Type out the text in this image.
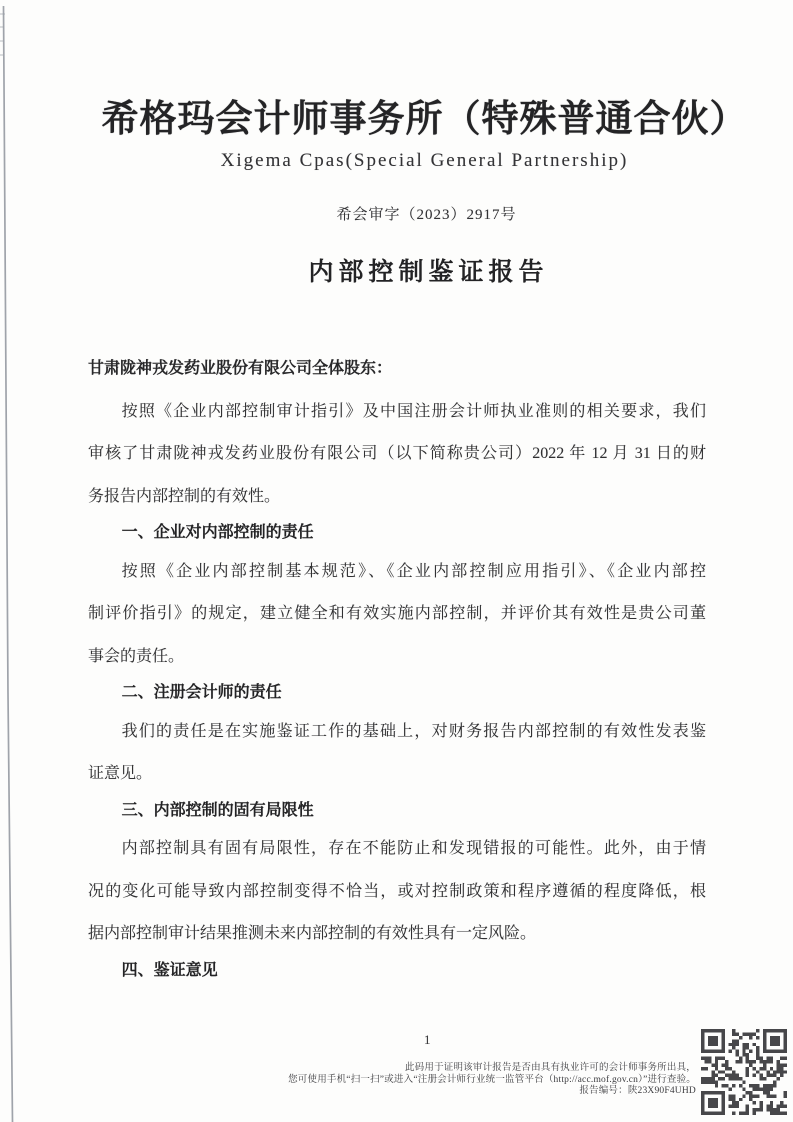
希格玛会计师事务所（特殊普通合伙）
Xigema Cpas(Special General Partnership)
希会审字（2023）2917号
内部控制鉴证报告
甘肃陇神戎发药业股份有限公司全体股东：
按照《企业内部控制审计指引》及中国注册会计师执业准则的相关要求，我们
审核了甘肃陇神戎发药业股份有限公司（以下简称贵公司）2022 年 12 月 31 日的财
务报告内部控制的有效性。
一、企业对内部控制的责任
按照《企业内部控制基本规范》、《企业内部控制应用指引》、《企业内部控
制评价指引》的规定，建立健全和有效实施内部控制，并评价其有效性是贵公司董
事会的责任。
二、注册会计师的责任
我们的责任是在实施鉴证工作的基础上，对财务报告内部控制的有效性发表鉴
证意见。
三、内部控制的固有局限性
内部控制具有固有局限性，存在不能防止和发现错报的可能性。此外，由于情
况的变化可能导致内部控制变得不恰当，或对控制政策和程序遵循的程度降低，根
据内部控制审计结果推测未来内部控制的有效性具有一定风险。
四、鉴证意见
1
此码用于证明该审计报告是否由具有执业许可的会计师事务所出具，
您可使用手机“扫一扫”或进入“注册会计师行业统一监管平台（http://acc.mof.gov.cn）”进行查验。
报告编号：陕23X90F4UHD
